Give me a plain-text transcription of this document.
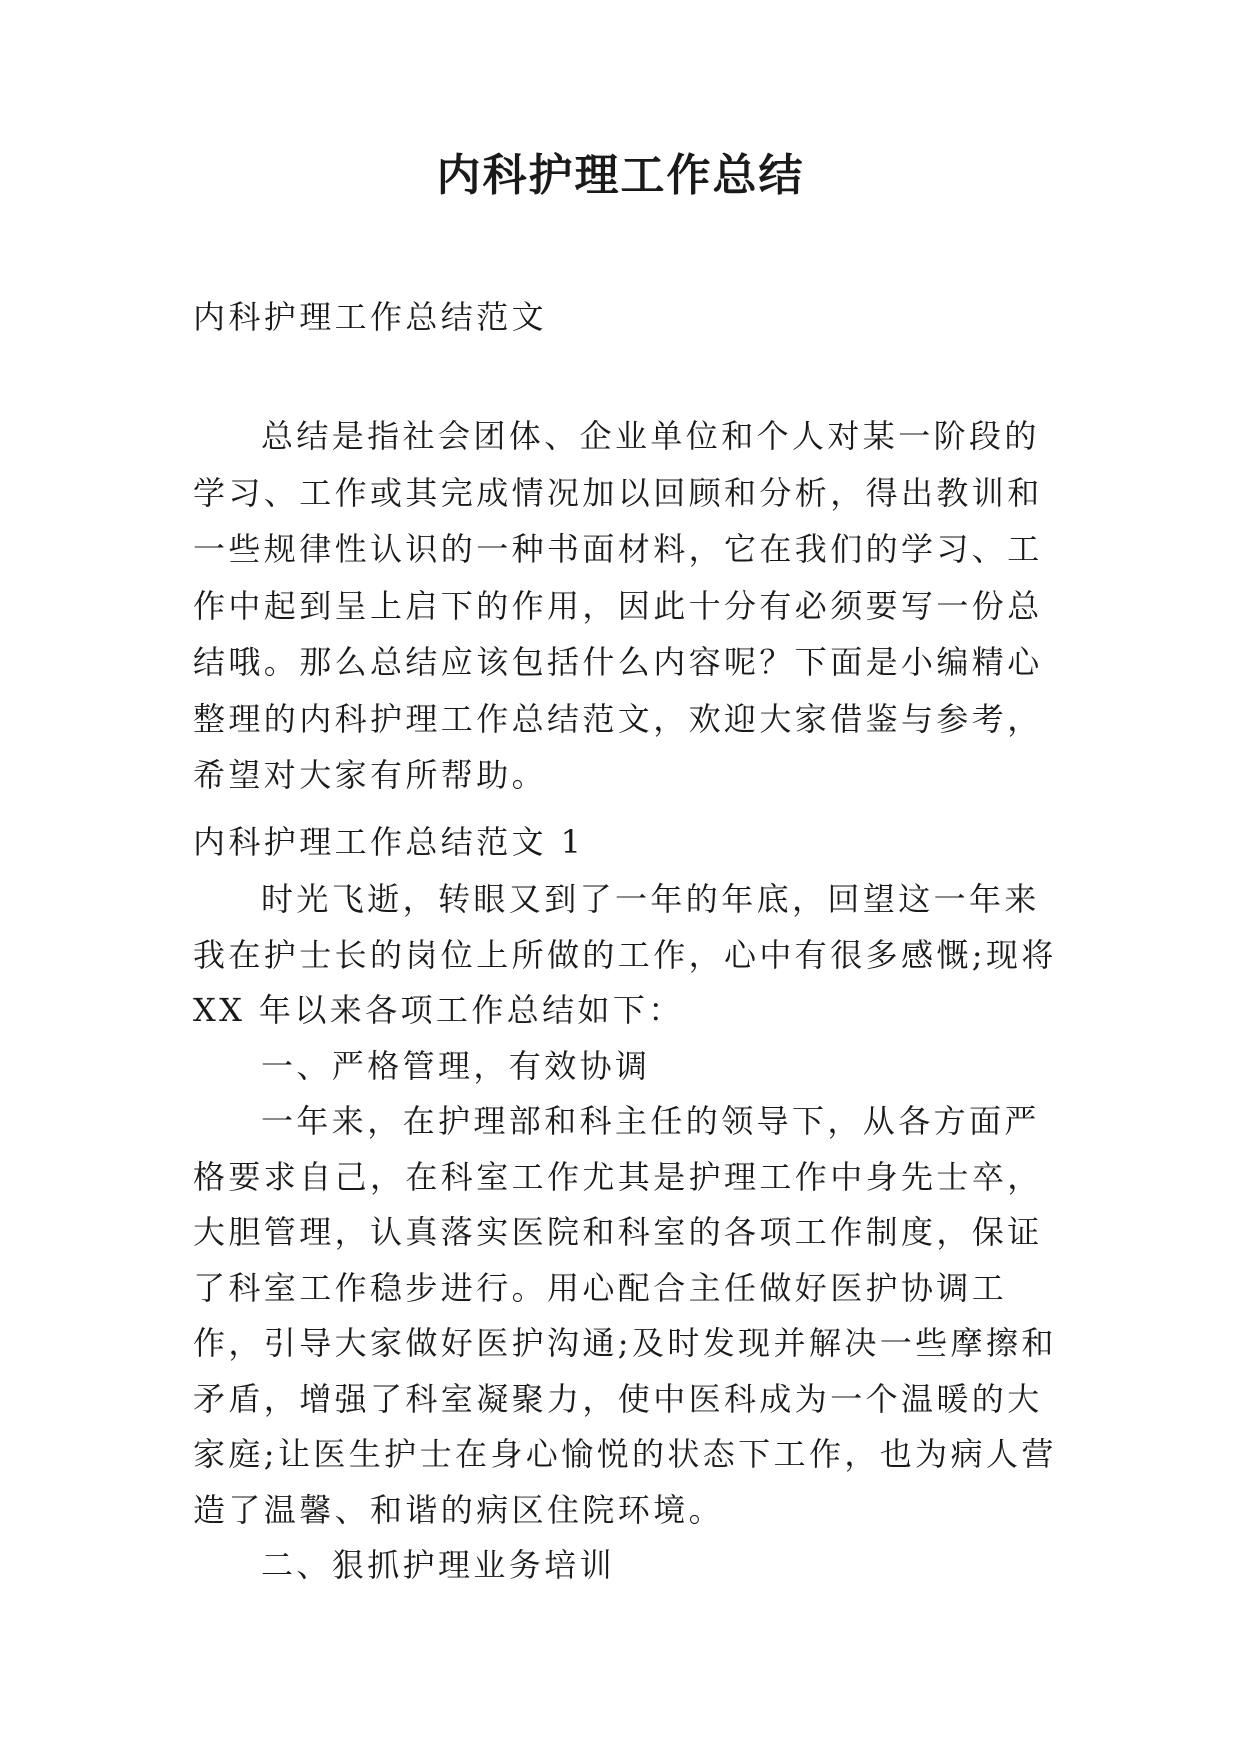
内科护理工作总结

内科护理工作总结范文

总结是指社会团体、企业单位和个人对某一阶段的学习、工作或其完成情况加以回顾和分析，得出教训和一些规律性认识的一种书面材料，它在我们的学习、工作中起到呈上启下的作用，因此十分有必须要写一份总结哦。那么总结应该包括什么内容呢？下面是小编精心整理的内科护理工作总结范文，欢迎大家借鉴与参考，希望对大家有所帮助。

内科护理工作总结范文 1

时光飞逝，转眼又到了一年的年底，回望这一年来我在护士长的岗位上所做的工作，心中有很多感慨;现将 XX 年以来各项工作总结如下：

一、严格管理，有效协调

一年来，在护理部和科主任的领导下，从各方面严格要求自己，在科室工作尤其是护理工作中身先士卒，大胆管理，认真落实医院和科室的各项工作制度，保证了科室工作稳步进行。用心配合主任做好医护协调工作，引导大家做好医护沟通;及时发现并解决一些摩擦和矛盾，增强了科室凝聚力，使中医科成为一个温暖的大家庭;让医生护士在身心愉悦的状态下工作，也为病人营造了温馨、和谐的病区住院环境。

二、狠抓护理业务培训
